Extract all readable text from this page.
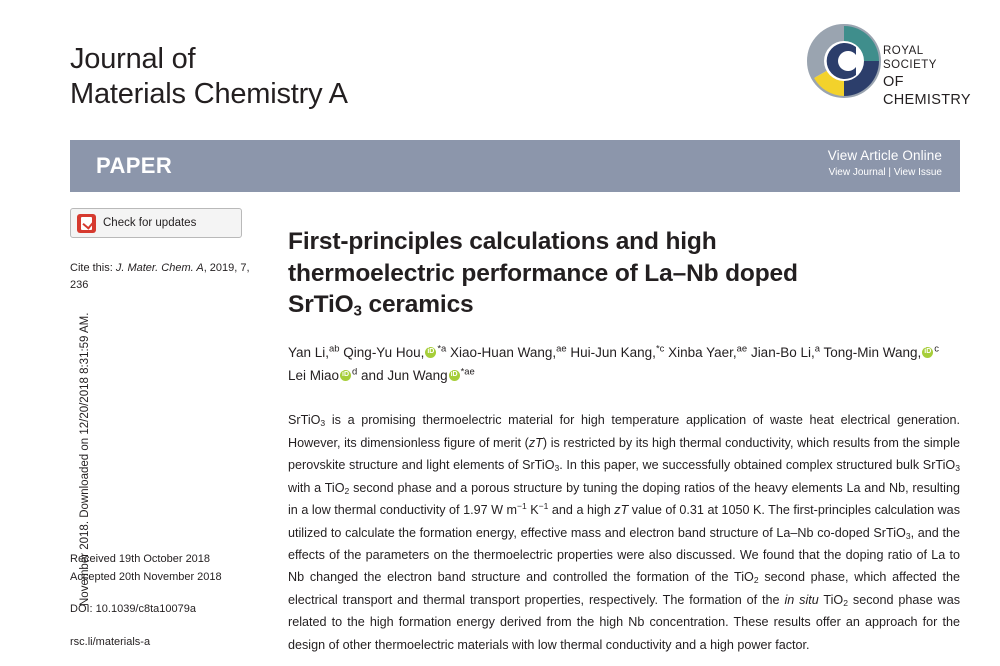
November 2018. Downloaded on 12/20/2018 8:31:59 AM.
Journal of
Materials Chemistry A
ROYAL SOCIETY
OF CHEMISTRY
PAPER	View Article Online
View Journal | View Issue
Check for updates
Cite this: J. Mater. Chem. A, 2019, 7,
236
Received 19th October 2018
Accepted 20th November 2018
DOI: 10.1039/c8ta10079a
rsc.li/materials-a
First-principles calculations and high
thermoelectric performance of La–Nb doped
SrTiO$_3$ ceramics
Yan Li,$^{ab}$ Qing-Yu Hou, iD $^{*a}$ Xiao-Huan Wang,$^{ae}$ Hui-Jun Kang,$^{*c}$ Xinba Yaer,$^{ae}$ Jian-Bo Li,$^a$ Tong-Min Wang, iD $^c$ Lei Miao iD $^d$ and Jun Wang iD $^{*ae}$
SrTiO$_3$ is a promising thermoelectric material for high temperature application of waste heat electrical generation. However, its dimensionless figure of merit (zT) is restricted by its high thermal conductivity, which results from the simple perovskite structure and light elements of SrTiO$_3$. In this paper, we successfully obtained complex structured bulk SrTiO$_3$ with a TiO$_2$ second phase and a porous structure by tuning the doping ratios of the heavy elements La and Nb, resulting in a low thermal conductivity of 1.97 W $m^{-1}$ $K^{-1}$ and a high zT value of 0.31 at 1050 K. The first-principles calculation was utilized to calculate the formation energy, effective mass and electron band structure of La–Nb co-doped SrTiO$_3$, and the effects of the parameters on the thermoelectric properties were also discussed. We found that the doping ratio of La to Nb changed the electron band structure and controlled the formation of the TiO$_2$ second phase, which affected the electrical transport and thermal transport properties, respectively. The formation of the in situ TiO$_2$ second phase was related to the high formation energy derived from the high Nb concentration. These results offer an approach for the design of other thermoelectric materials with low thermal conductivity and a high power factor.
